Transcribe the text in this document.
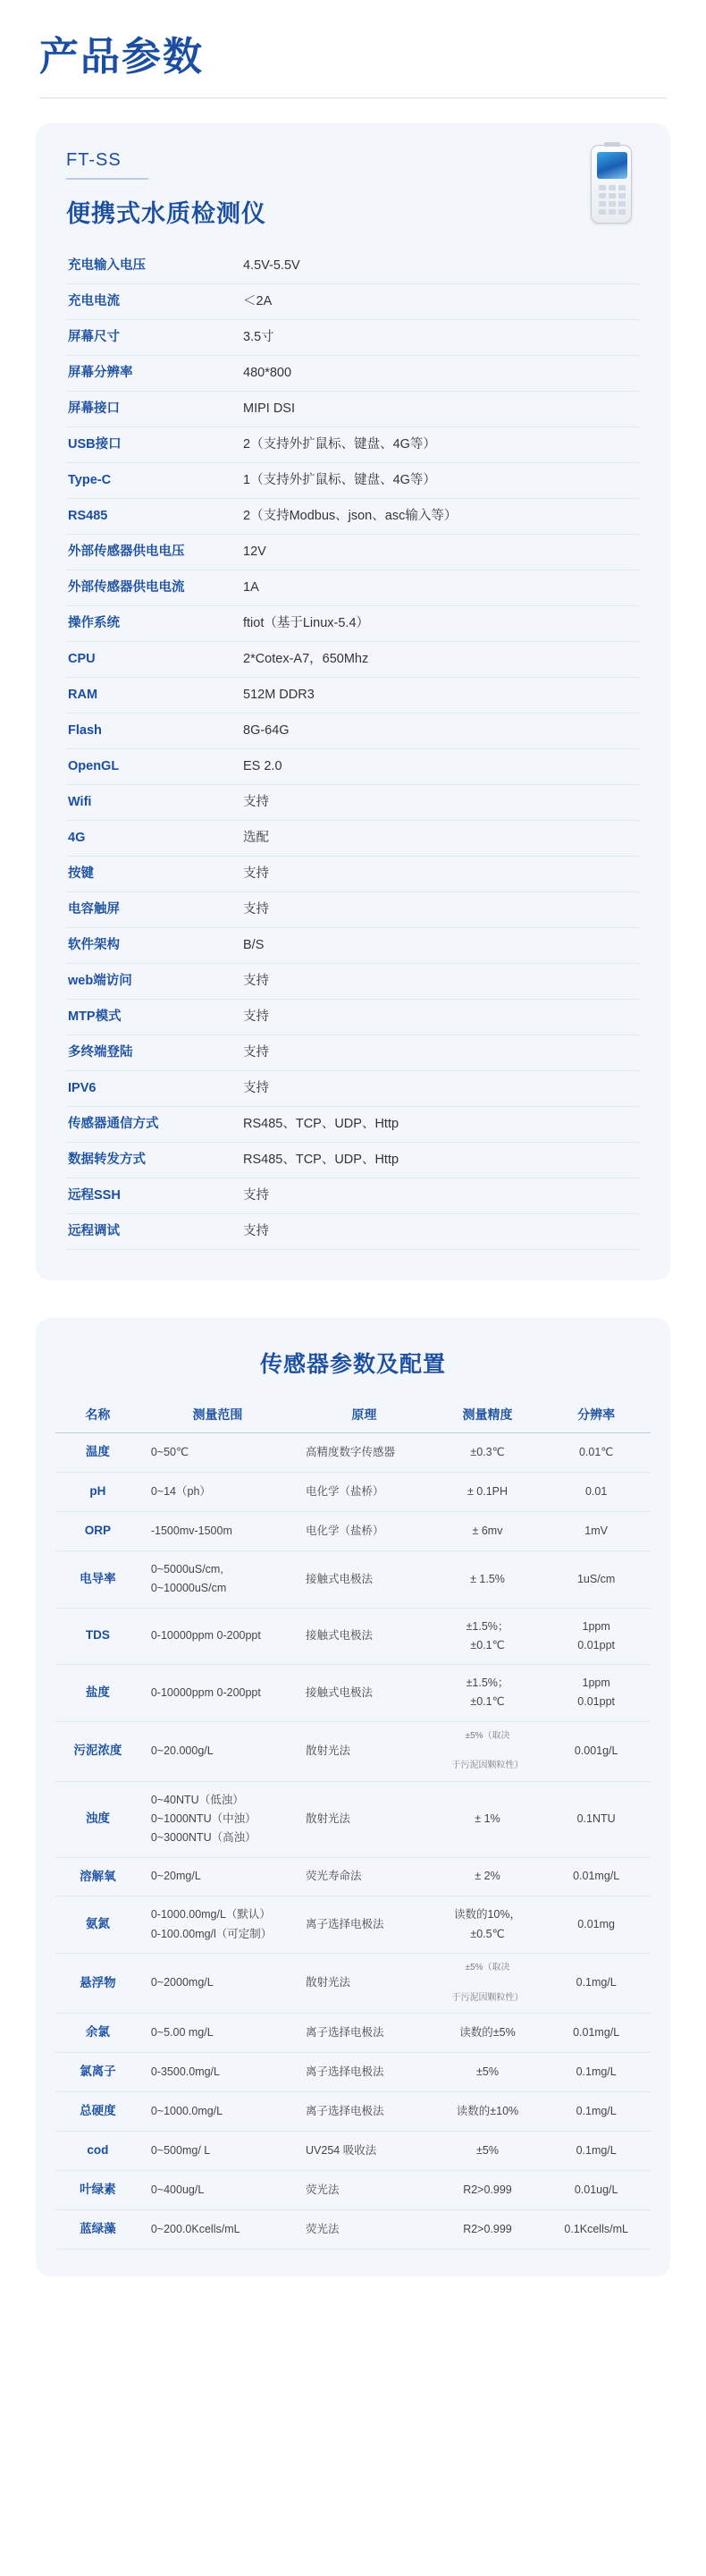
产品参数
FT-SS
便携式水质检测仪
充电输入电压	4.5V-5.5V
充电电流	＜2A
屏幕尺寸	3.5寸
屏幕分辨率	480*800
屏幕接口	MIPI DSI
USB接口	2（支持外扩鼠标、键盘、4G等）
Type-C	1（支持外扩鼠标、键盘、4G等）
RS485	2（支持Modbus、json、asc输入等）
外部传感器供电电压	12V
外部传感器供电电流	1A
操作系统	ftiot（基于Linux-5.4）
CPU	2*Cotex-A7，650Mhz
RAM	512M DDR3
Flash	8G-64G
OpenGL	ES 2.0
Wifi	支持
4G	选配
按键	支持
电容触屏	支持
软件架构	B/S
web端访问	支持
MTP模式	支持
多终端登陆	支持
IPV6	支持
传感器通信方式	RS485、TCP、UDP、Http
数据转发方式	RS485、TCP、UDP、Http
远程SSH	支持
远程调试	支持
传感器参数及配置
名称	测量范围	原理	测量精度	分辨率
温度	0~50℃	高精度数字传感器	±0.3℃	0.01℃
pH	0~14（ph）	电化学（盐桥）	± 0.1PH	0.01
ORP	-1500mv-1500m	电化学（盐桥）	± 6mv	1mV
电导率	0~5000uS/cm,
0~10000uS/cm	接触式电极法	± 1.5%	1uS/cm
TDS	0-10000ppm 0-200ppt	接触式电极法	±1.5%；
±0.1℃	1ppm
0.01ppt
盐度	0-10000ppm 0-200ppt	接触式电极法	±1.5%；
±0.1℃	1ppm
0.01ppt
污泥浓度	0~20.000g/L	散射光法	±5%（取决

于污泥因颗粒性）	0.001g/L
浊度	0~40NTU（低浊）
0~1000NTU（中浊）
0~3000NTU（高浊）	散射光法	± 1%	0.1NTU
溶解氧	0~20mg/L	荧光寿命法	± 2%	0.01mg/L
氨氮	0-1000.00mg/L（默认）
0-100.00mg/l（可定制）	离子选择电极法	读数的10%，
±0.5℃	0.01mg
悬浮物	0~2000mg/L	散射光法	±5%（取决

于污泥因颗粒性）	0.1mg/L
余氯	0~5.00 mg/L	离子选择电极法	读数的±5%	0.01mg/L
氯离子	0-3500.0mg/L	离子选择电极法	±5%	0.1mg/L
总硬度	0~1000.0mg/L	离子选择电极法	读数的±10%	0.1mg/L
cod	0~500mg/ L	UV254 吸收法	±5%	0.1mg/L
叶绿素	0~400ug/L	荧光法	R2>0.999	0.01ug/L
蓝绿藻	0~200.0Kcells/mL	荧光法	R2>0.999	0.1Kcells/mL
